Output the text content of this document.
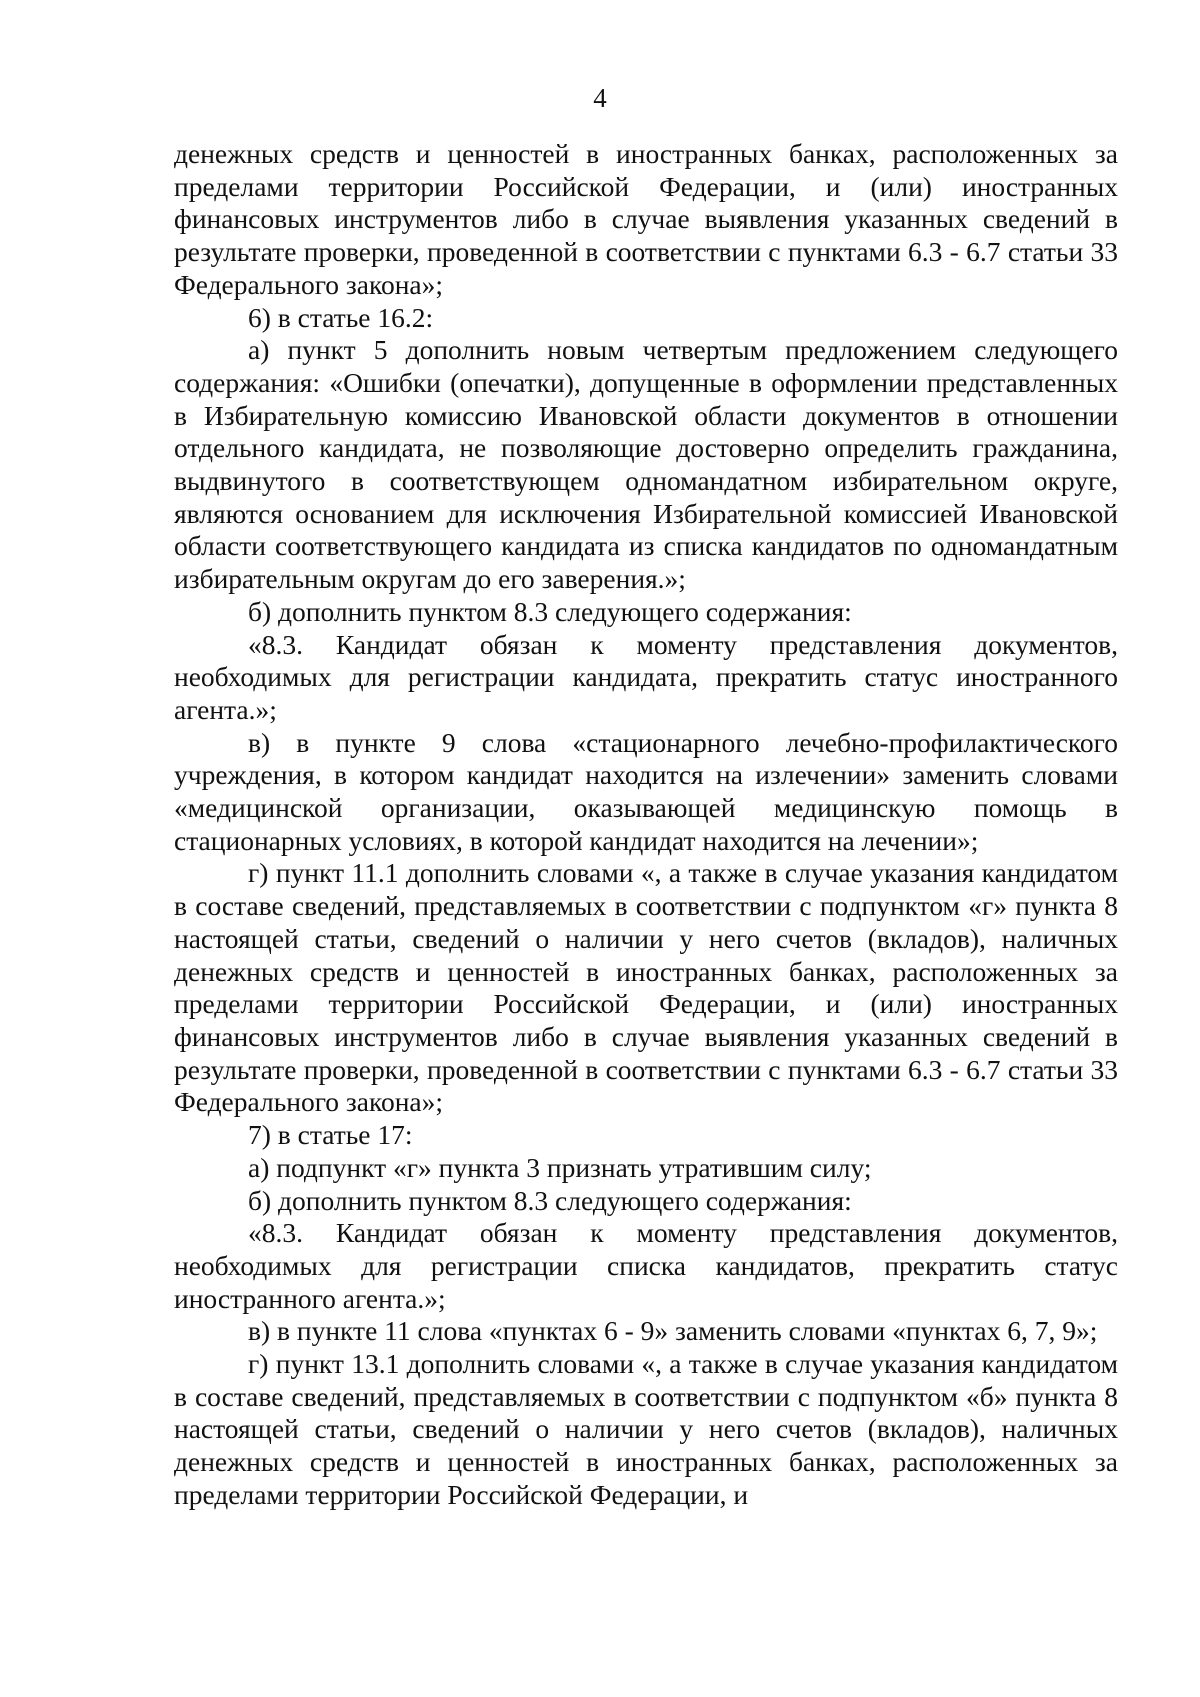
4

денежных средств и ценностей в иностранных банках, расположенных за пределами территории Российской Федерации, и (или) иностранных финансовых инструментов либо в случае выявления указанных сведений в результате проверки, проведенной в соответствии с пунктами 6.3 - 6.7 статьи 33 Федерального закона»;

6) в статье 16.2:

а) пункт 5 дополнить новым четвертым предложением следующего содержания: «Ошибки (опечатки), допущенные в оформлении представленных в Избирательную комиссию Ивановской области документов в отношении отдельного кандидата, не позволяющие достоверно определить гражданина, выдвинутого в соответствующем одномандатном избирательном округе, являются основанием для исключения Избирательной комиссией Ивановской области соответствующего кандидата из списка кандидатов по одномандатным избирательным округам до его заверения.»;

б) дополнить пунктом 8.3 следующего содержания:

«8.3. Кандидат обязан к моменту представления документов, необходимых для регистрации кандидата, прекратить статус иностранного агента.»;

в) в пункте 9 слова «стационарного лечебно-профилактического учреждения, в котором кандидат находится на излечении» заменить словами «медицинской организации, оказывающей медицинскую помощь в стационарных условиях, в которой кандидат находится на лечении»;

г) пункт 11.1 дополнить словами «, а также в случае указания кандидатом в составе сведений, представляемых в соответствии с подпунктом «г» пункта 8 настоящей статьи, сведений о наличии у него счетов (вкладов), наличных денежных средств и ценностей в иностранных банках, расположенных за пределами территории Российской Федерации, и (или) иностранных финансовых инструментов либо в случае выявления указанных сведений в результате проверки, проведенной в соответствии с пунктами 6.3 - 6.7 статьи 33 Федерального закона»;

7) в статье 17:

а) подпункт «г» пункта 3 признать утратившим силу;

б) дополнить пунктом 8.3 следующего содержания:

«8.3. Кандидат обязан к моменту представления документов, необходимых для регистрации списка кандидатов, прекратить статус иностранного агента.»;

в) в пункте 11 слова «пунктах 6 - 9» заменить словами «пунктах 6, 7, 9»;

г) пункт 13.1 дополнить словами «, а также в случае указания кандидатом в составе сведений, представляемых в соответствии с подпунктом «б» пункта 8 настоящей статьи, сведений о наличии у него счетов (вкладов), наличных денежных средств и ценностей в иностранных банках, расположенных за пределами территории Российской Федерации, и
